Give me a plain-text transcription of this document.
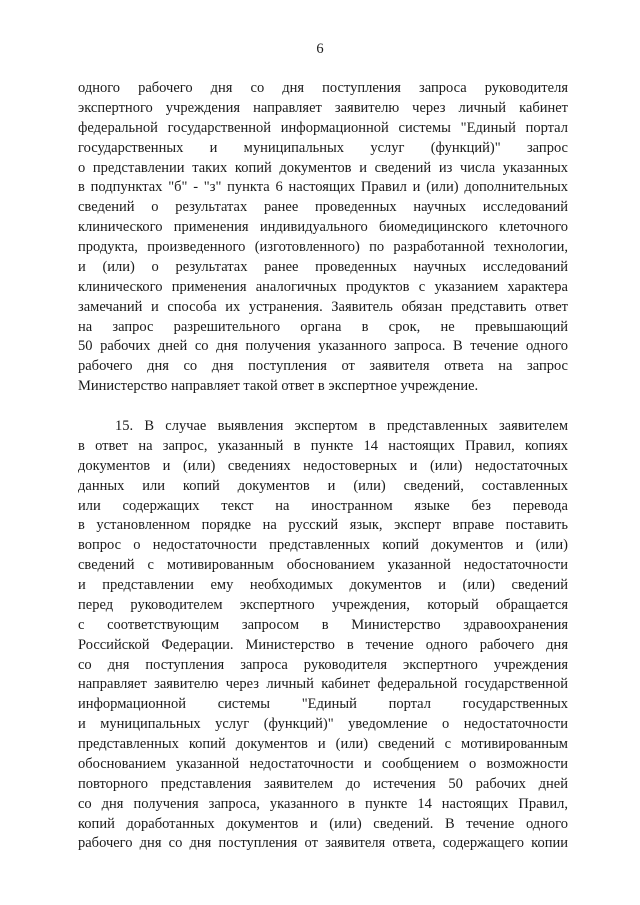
6
одного рабочего дня со дня поступления запроса руководителя
экспертного учреждения направляет заявителю через личный кабинет
федеральной государственной информационной системы "Единый портал
государственных и муниципальных услуг (функций)" запрос
о представлении таких копий документов и сведений из числа указанных
в подпунктах "б" - "з" пункта 6 настоящих Правил и (или) дополнительных
сведений о результатах ранее проведенных научных исследований
клинического применения индивидуального биомедицинского клеточного
продукта, произведенного (изготовленного) по разработанной технологии,
и (или) о результатах ранее проведенных научных исследований
клинического применения аналогичных продуктов с указанием характера
замечаний и способа их устранения. Заявитель обязан представить ответ
на запрос разрешительного органа в срок, не превышающий
50 рабочих дней со дня получения указанного запроса. В течение одного
рабочего дня со дня поступления от заявителя ответа на запрос
Министерство направляет такой ответ в экспертное учреждение.
15. В случае выявления экспертом в представленных заявителем
в ответ на запрос, указанный в пункте 14 настоящих Правил, копиях
документов и (или) сведениях недостоверных и (или) недостаточных
данных или копий документов и (или) сведений, составленных
или содержащих текст на иностранном языке без перевода
в установленном порядке на русский язык, эксперт вправе поставить
вопрос о недостаточности представленных копий документов и (или)
сведений с мотивированным обоснованием указанной недостаточности
и представлении ему необходимых документов и (или) сведений
перед руководителем экспертного учреждения, который обращается
с соответствующим запросом в Министерство здравоохранения
Российской Федерации. Министерство в течение одного рабочего дня
со дня поступления запроса руководителя экспертного учреждения
направляет заявителю через личный кабинет федеральной государственной
информационной системы "Единый портал государственных
и муниципальных услуг (функций)" уведомление о недостаточности
представленных копий документов и (или) сведений с мотивированным
обоснованием указанной недостаточности и сообщением о возможности
повторного представления заявителем до истечения 50 рабочих дней
со дня получения запроса, указанного в пункте 14 настоящих Правил,
копий доработанных документов и (или) сведений. В течение одного
рабочего дня со дня поступления от заявителя ответа, содержащего копии
